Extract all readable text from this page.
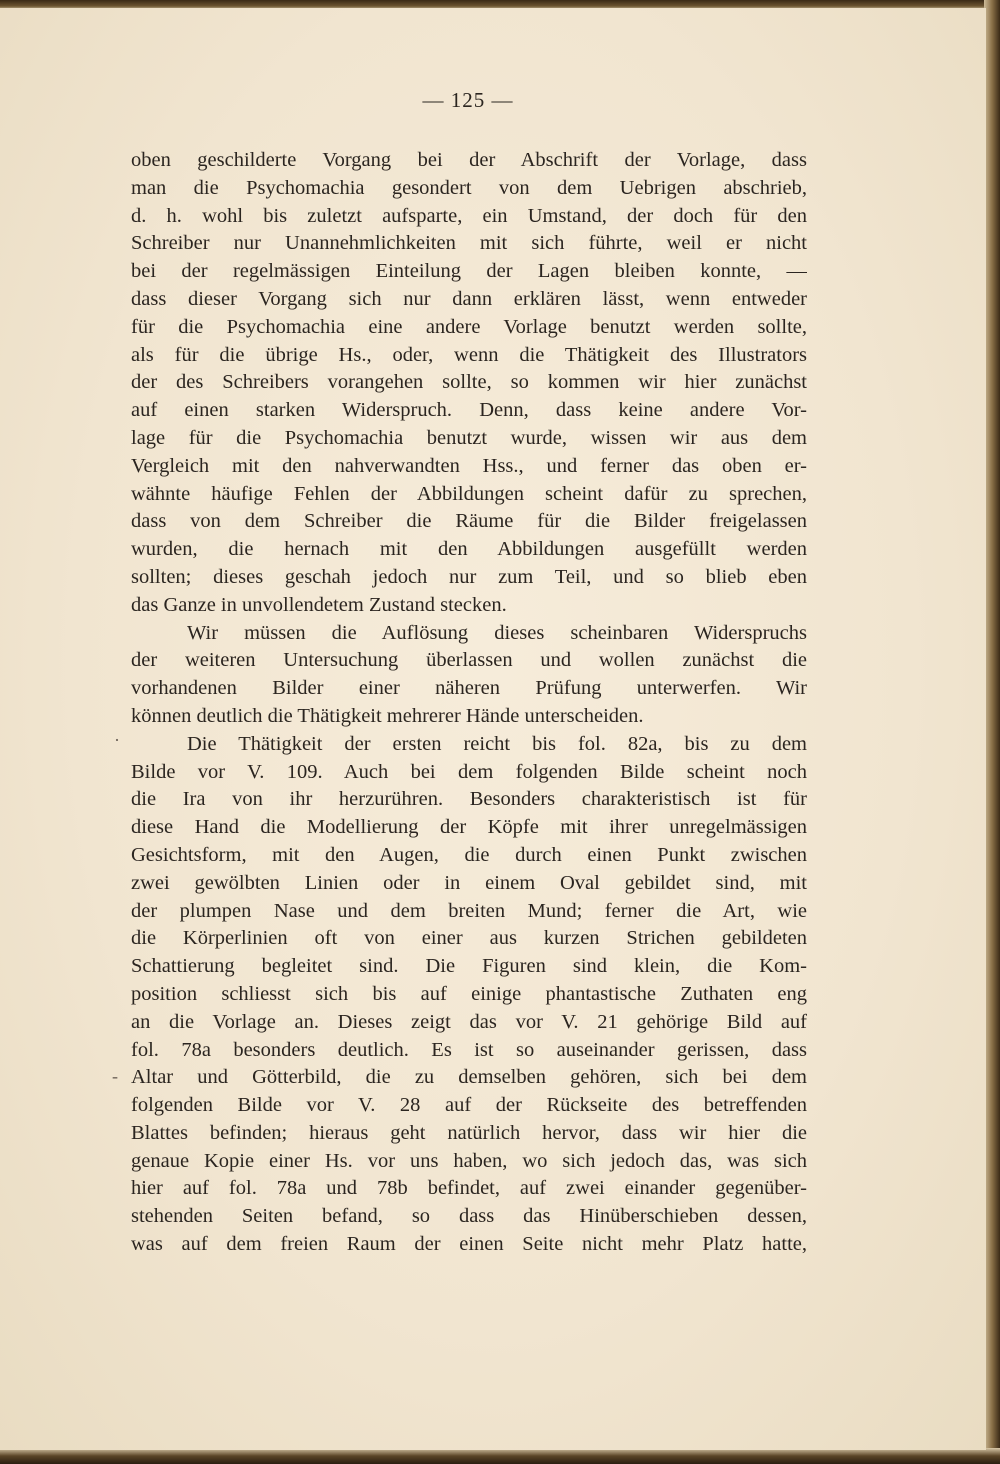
— 125 —
·
-
oben geschilderte Vorgang bei der Abschrift der Vorlage, dass
man die Psychomachia gesondert von dem Uebrigen abschrieb,
d. h. wohl bis zuletzt aufsparte, ein Umstand, der doch für den
Schreiber nur Unannehmlichkeiten mit sich führte, weil er nicht
bei der regelmässigen Einteilung der Lagen bleiben konnte, —
dass dieser Vorgang sich nur dann erklären lässt, wenn entweder
für die Psychomachia eine andere Vorlage benutzt werden sollte,
als für die übrige Hs., oder, wenn die Thätigkeit des Illustrators
der des Schreibers vorangehen sollte, so kommen wir hier zunächst
auf einen starken Widerspruch. Denn, dass keine andere Vor-
lage für die Psychomachia benutzt wurde, wissen wir aus dem
Vergleich mit den nahverwandten Hss., und ferner das oben er-
wähnte häufige Fehlen der Abbildungen scheint dafür zu sprechen,
dass von dem Schreiber die Räume für die Bilder freigelassen
wurden, die hernach mit den Abbildungen ausgefüllt werden
sollten; dieses geschah jedoch nur zum Teil, und so blieb eben
das Ganze in unvollendetem Zustand stecken.
Wir müssen die Auflösung dieses scheinbaren Widerspruchs
der weiteren Untersuchung überlassen und wollen zunächst die
vorhandenen Bilder einer näheren Prüfung unterwerfen. Wir
können deutlich die Thätigkeit mehrerer Hände unterscheiden.
Die Thätigkeit der ersten reicht bis fol. 82a, bis zu dem
Bilde vor V. 109. Auch bei dem folgenden Bilde scheint noch
die Ira von ihr herzurühren. Besonders charakteristisch ist für
diese Hand die Modellierung der Köpfe mit ihrer unregelmässigen
Gesichtsform, mit den Augen, die durch einen Punkt zwischen
zwei gewölbten Linien oder in einem Oval gebildet sind, mit
der plumpen Nase und dem breiten Mund; ferner die Art, wie
die Körperlinien oft von einer aus kurzen Strichen gebildeten
Schattierung begleitet sind. Die Figuren sind klein, die Kom-
position schliesst sich bis auf einige phantastische Zuthaten eng
an die Vorlage an. Dieses zeigt das vor V. 21 gehörige Bild auf
fol. 78a besonders deutlich. Es ist so auseinander gerissen, dass
Altar und Götterbild, die zu demselben gehören, sich bei dem
folgenden Bilde vor V. 28 auf der Rückseite des betreffenden
Blattes befinden; hieraus geht natürlich hervor, dass wir hier die
genaue Kopie einer Hs. vor uns haben, wo sich jedoch das, was sich
hier auf fol. 78a und 78b befindet, auf zwei einander gegenüber-
stehenden Seiten befand, so dass das Hinüberschieben dessen,
was auf dem freien Raum der einen Seite nicht mehr Platz hatte,
